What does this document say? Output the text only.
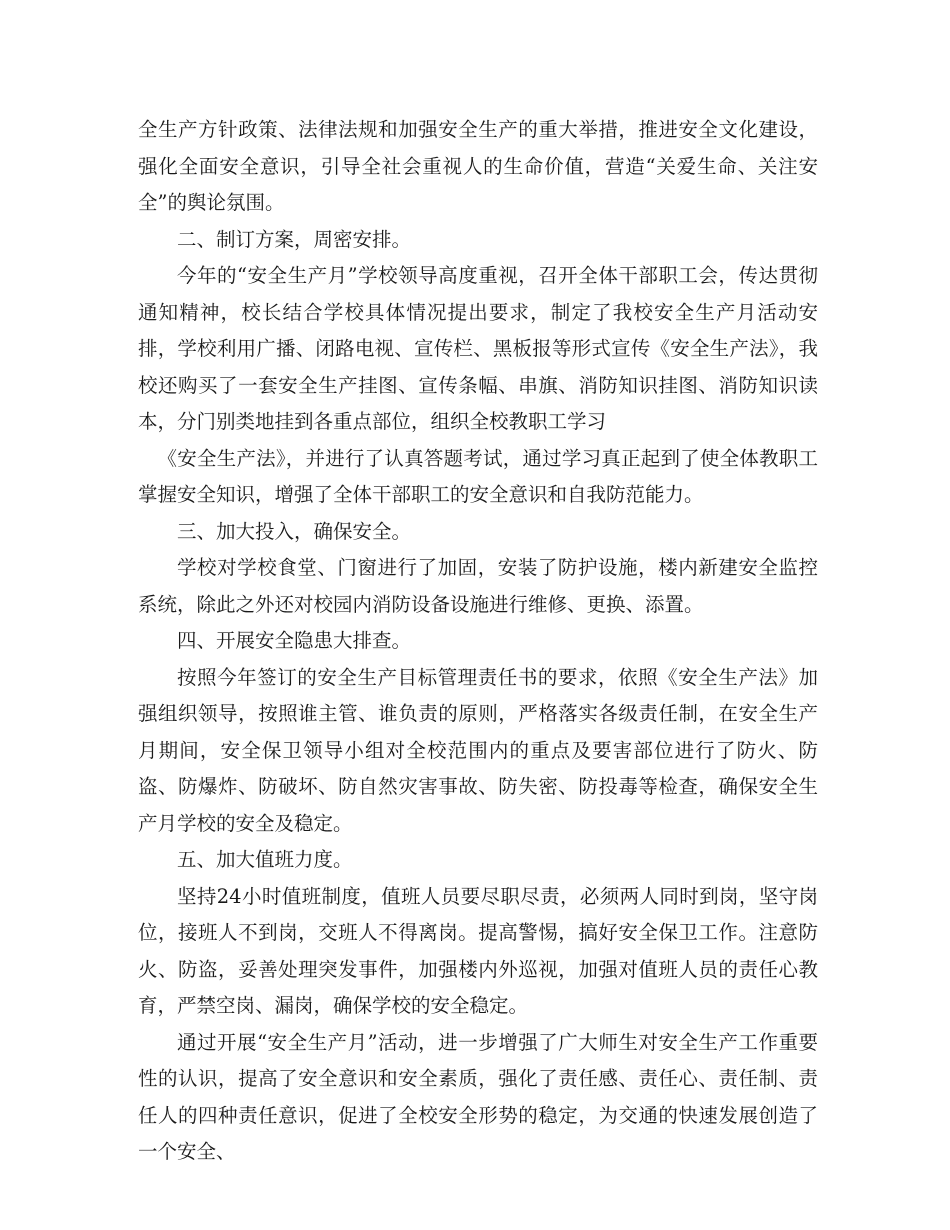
全生产方针政策、法律法规和加强安全生产的重大举措，推进安全文化建设，强化全面安全意识，引导全社会重视人的生命价值，营造“关爱生命、关注安全”的舆论氛围。

二、制订方案，周密安排。

今年的“安全生产月”学校领导高度重视，召开全体干部职工会，传达贯彻通知精神，校长结合学校具体情况提出要求，制定了我校安全生产月活动安排，学校利用广播、闭路电视、宣传栏、黑板报等形式宣传《安全生产法》，我校还购买了一套安全生产挂图、宣传条幅、串旗、消防知识挂图、消防知识读本，分门别类地挂到各重点部位，组织全校教职工学习

《安全生产法》，并进行了认真答题考试，通过学习真正起到了使全体教职工掌握安全知识，增强了全体干部职工的安全意识和自我防范能力。

三、加大投入，确保安全。

学校对学校食堂、门窗进行了加固，安装了防护设施，楼内新建安全监控系统，除此之外还对校园内消防设备设施进行维修、更换、添置。

四、开展安全隐患大排查。

按照今年签订的安全生产目标管理责任书的要求，依照《安全生产法》加强组织领导，按照谁主管、谁负责的原则，严格落实各级责任制，在安全生产月期间，安全保卫领导小组对全校范围内的重点及要害部位进行了防火、防盗、防爆炸、防破坏、防自然灾害事故、防失密、防投毒等检查，确保安全生产月学校的安全及稳定。

五、加大值班力度。

坚持24小时值班制度，值班人员要尽职尽责，必须两人同时到岗，坚守岗位，接班人不到岗，交班人不得离岗。提高警惕，搞好安全保卫工作。注意防火、防盗，妥善处理突发事件，加强楼内外巡视，加强对值班人员的责任心教育，严禁空岗、漏岗，确保学校的安全稳定。

通过开展“安全生产月”活动，进一步增强了广大师生对安全生产工作重要性的认识，提高了安全意识和安全素质，强化了责任感、责任心、责任制、责任人的四种责任意识，促进了全校安全形势的稳定，为交通的快速发展创造了一个安全、
